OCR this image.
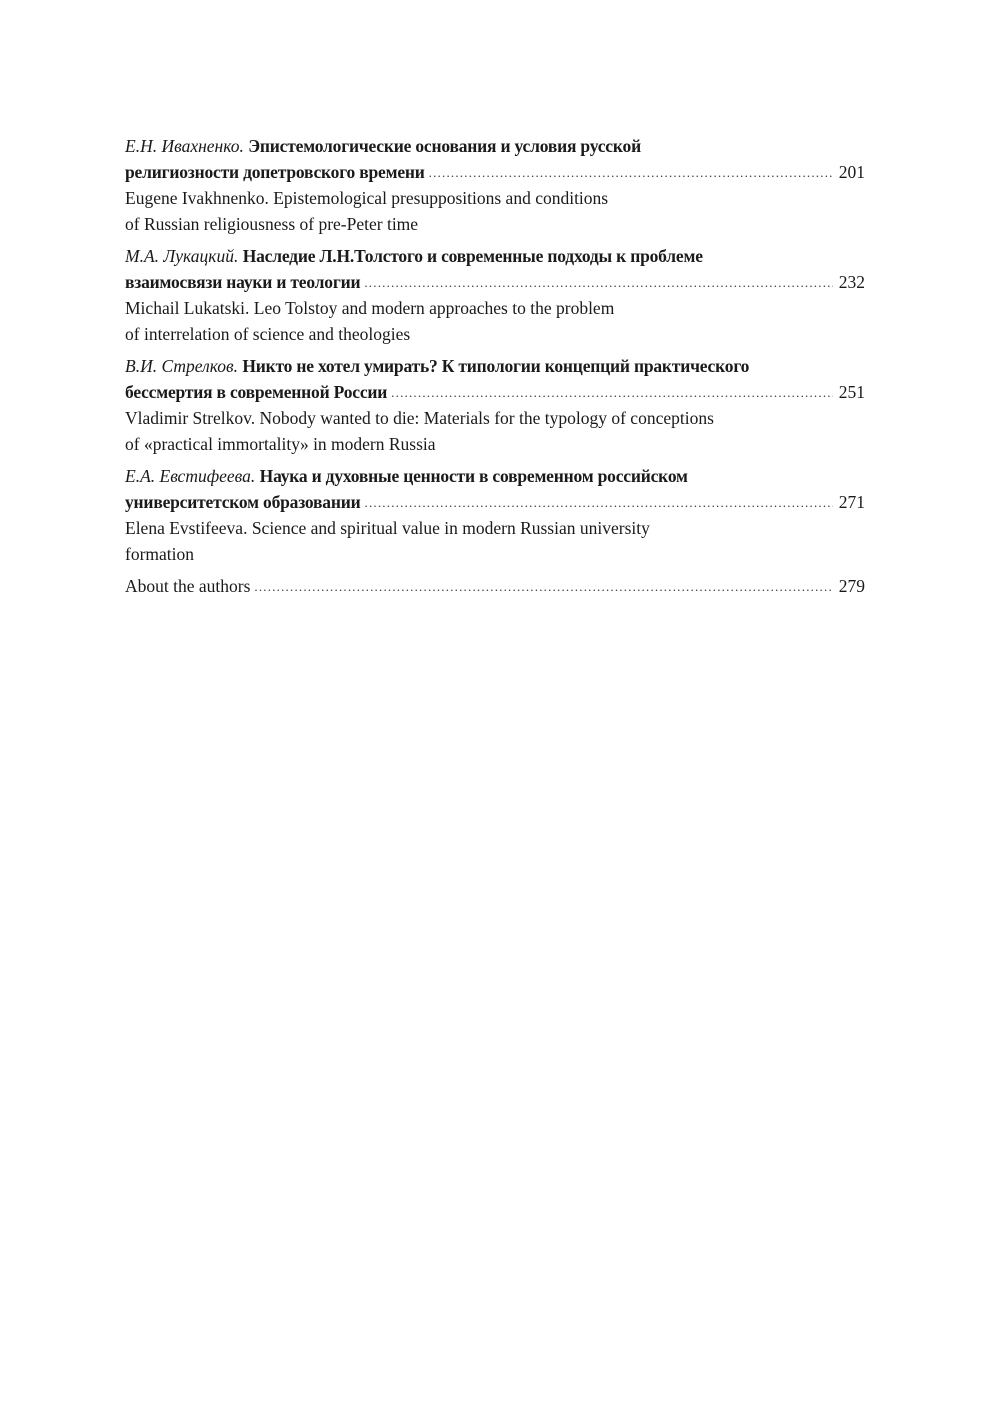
Е.Н. Ивахненко. Эпистемологические основания и условия русской
религиозности допетровского времени .....	201
Eugene Ivakhnenko. Epistemological presuppositions and conditions
of Russian religiousness of pre-Peter time
М.А. Лукацкий. Наследие Л.Н.Толстого и современные подходы к проблеме
взаимосвязи науки и теологии .....	232
Michail Lukatski. Leo Tolstoy and modern approaches to the problem
of interrelation of science and theologies
В.И. Стрелков. Никто не хотел умирать? К типологии концепций практического
бессмертия в современной России .....	251
Vladimir Strelkov. Nobody wanted to die: Materials for the typology of conceptions
of «practical immortality» in modern Russia
Е.А. Евстифеева. Наука и духовные ценности в современном российском
университетском образовании .....	271
Elena Evstifeeva. Science and spiritual value in modern Russian university
formation
About the authors .....	279
